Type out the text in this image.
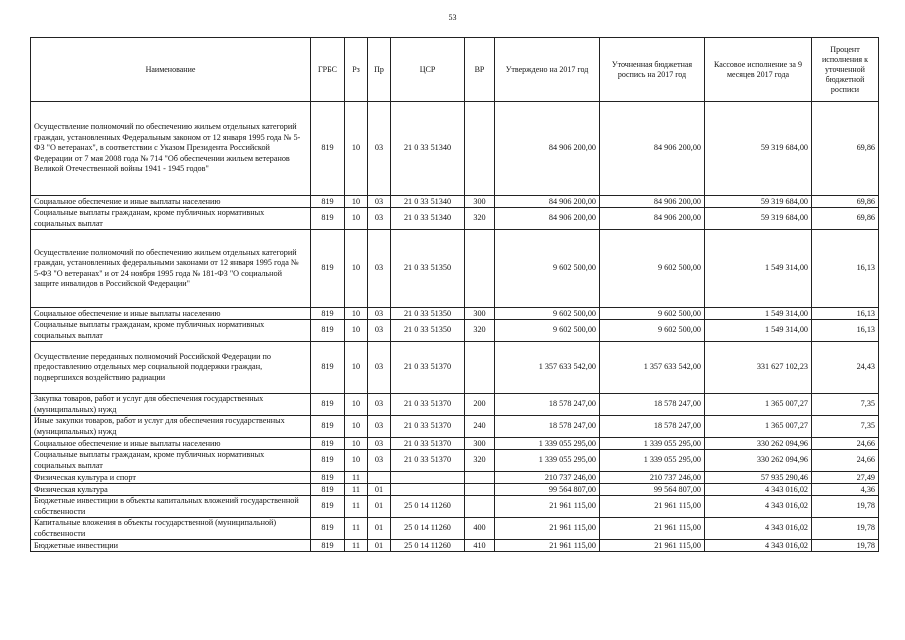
53
Наименование	ГРБС	Рз	Пр	ЦСР	ВР	Утверждено на 2017 год	Уточненная бюджетная роспись на 2017 год	Кассовое исполнение за 9 месяцев 2017 года	Процент исполнения к уточненной бюджетной росписи
Осуществление полномочий по обеспечению жильем отдельных категорий граждан, установленных Федеральным законом от 12 января 1995 года № 5-ФЗ "О ветеранах", в соответствии с Указом Президента Российской Федерации от 7 мая 2008 года № 714 "Об обеспечении жильем ветеранов Великой Отечественной войны 1941 - 1945 годов"	819	10	03	21 0 33 51340		84 906 200,00	84 906 200,00	59 319 684,00	69,86
Социальное обеспечение и иные выплаты населению	819	10	03	21 0 33 51340	300	84 906 200,00	84 906 200,00	59 319 684,00	69,86
Социальные выплаты гражданам, кроме публичных нормативных социальных выплат	819	10	03	21 0 33 51340	320	84 906 200,00	84 906 200,00	59 319 684,00	69,86
Осуществление полномочий по обеспечению жильем отдельных категорий граждан, установленных федеральными законами от 12 января 1995 года № 5-ФЗ "О ветеранах" и от 24 ноября 1995 года № 181-ФЗ "О социальной защите инвалидов в Российской Федерации"	819	10	03	21 0 33 51350		9 602 500,00	9 602 500,00	1 549 314,00	16,13
Социальное обеспечение и иные выплаты населению	819	10	03	21 0 33 51350	300	9 602 500,00	9 602 500,00	1 549 314,00	16,13
Социальные выплаты гражданам, кроме публичных нормативных социальных выплат	819	10	03	21 0 33 51350	320	9 602 500,00	9 602 500,00	1 549 314,00	16,13
Осуществление переданных полномочий Российской Федерации по предоставлению отдельных мер социальной поддержки граждан, подвергшихся воздействию радиации	819	10	03	21 0 33 51370		1 357 633 542,00	1 357 633 542,00	331 627 102,23	24,43
Закупка товаров, работ и услуг для обеспечения государственных (муниципальных) нужд	819	10	03	21 0 33 51370	200	18 578 247,00	18 578 247,00	1 365 007,27	7,35
Иные закупки товаров, работ и услуг для обеспечения государственных (муниципальных) нужд	819	10	03	21 0 33 51370	240	18 578 247,00	18 578 247,00	1 365 007,27	7,35
Социальное обеспечение и иные выплаты населению	819	10	03	21 0 33 51370	300	1 339 055 295,00	1 339 055 295,00	330 262 094,96	24,66
Социальные выплаты гражданам, кроме публичных нормативных социальных выплат	819	10	03	21 0 33 51370	320	1 339 055 295,00	1 339 055 295,00	330 262 094,96	24,66
Физическая культура и спорт	819	11				210 737 246,00	210 737 246,00	57 935 290,46	27,49
Физическая культура	819	11	01			99 564 807,00	99 564 807,00	4 343 016,02	4,36
Бюджетные инвестиции в объекты капитальных вложений государственной собственности	819	11	01	25 0 14 11260		21 961 115,00	21 961 115,00	4 343 016,02	19,78
Капитальные вложения в объекты государственной (муниципальной) собственности	819	11	01	25 0 14 11260	400	21 961 115,00	21 961 115,00	4 343 016,02	19,78
Бюджетные инвестиции	819	11	01	25 0 14 11260	410	21 961 115,00	21 961 115,00	4 343 016,02	19,78
